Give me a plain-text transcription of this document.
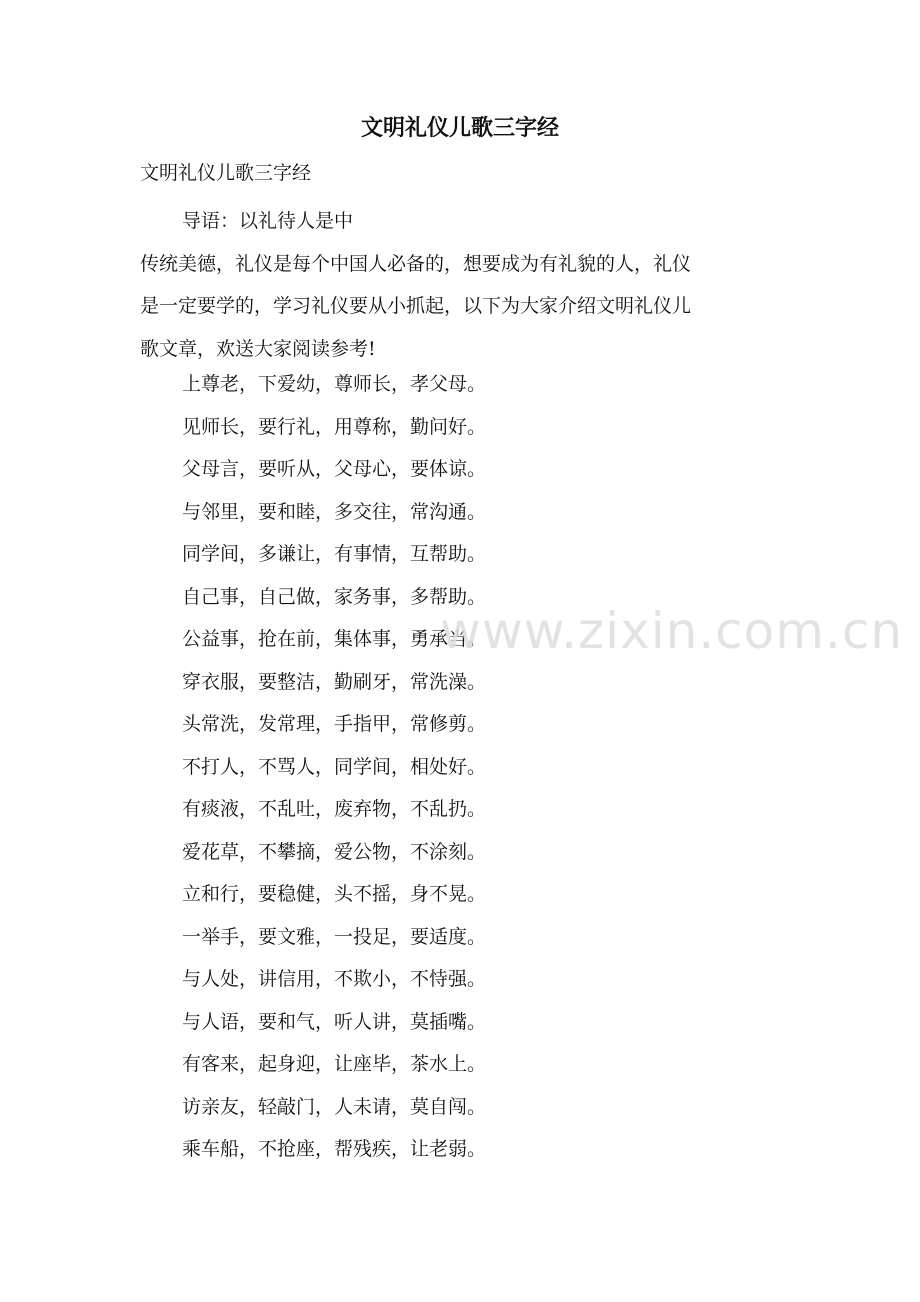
文明礼仪儿歌三字经
文明礼仪儿歌三字经
导语：以礼待人是中
传统美德，礼仪是每个中国人必备的，想要成为有礼貌的人，礼仪
是一定要学的，学习礼仪要从小抓起，以下为大家介绍文明礼仪儿
歌文章，欢送大家阅读参考!
上尊老，下爱幼，尊师长，孝父母。
见师长，要行礼，用尊称，勤问好。
父母言，要听从，父母心，要体谅。
与邻里，要和睦，多交往，常沟通。
同学间，多谦让，有事情，互帮助。
自己事，自己做，家务事，多帮助。
公益事，抢在前，集体事，勇承当。
穿衣服，要整洁，勤刷牙，常洗澡。
头常洗，发常理，手指甲，常修剪。
不打人，不骂人，同学间，相处好。
有痰液，不乱吐，废弃物，不乱扔。
爱花草，不攀摘，爱公物，不涂刻。
立和行，要稳健，头不摇，身不晃。
一举手，要文雅，一投足，要适度。
与人处，讲信用，不欺小，不恃强。
与人语，要和气，听人讲，莫插嘴。
有客来，起身迎，让座毕，茶水上。
访亲友，轻敲门，人未请，莫自闯。
乘车船，不抢座，帮残疾，让老弱。
www.zixin.com.cn
